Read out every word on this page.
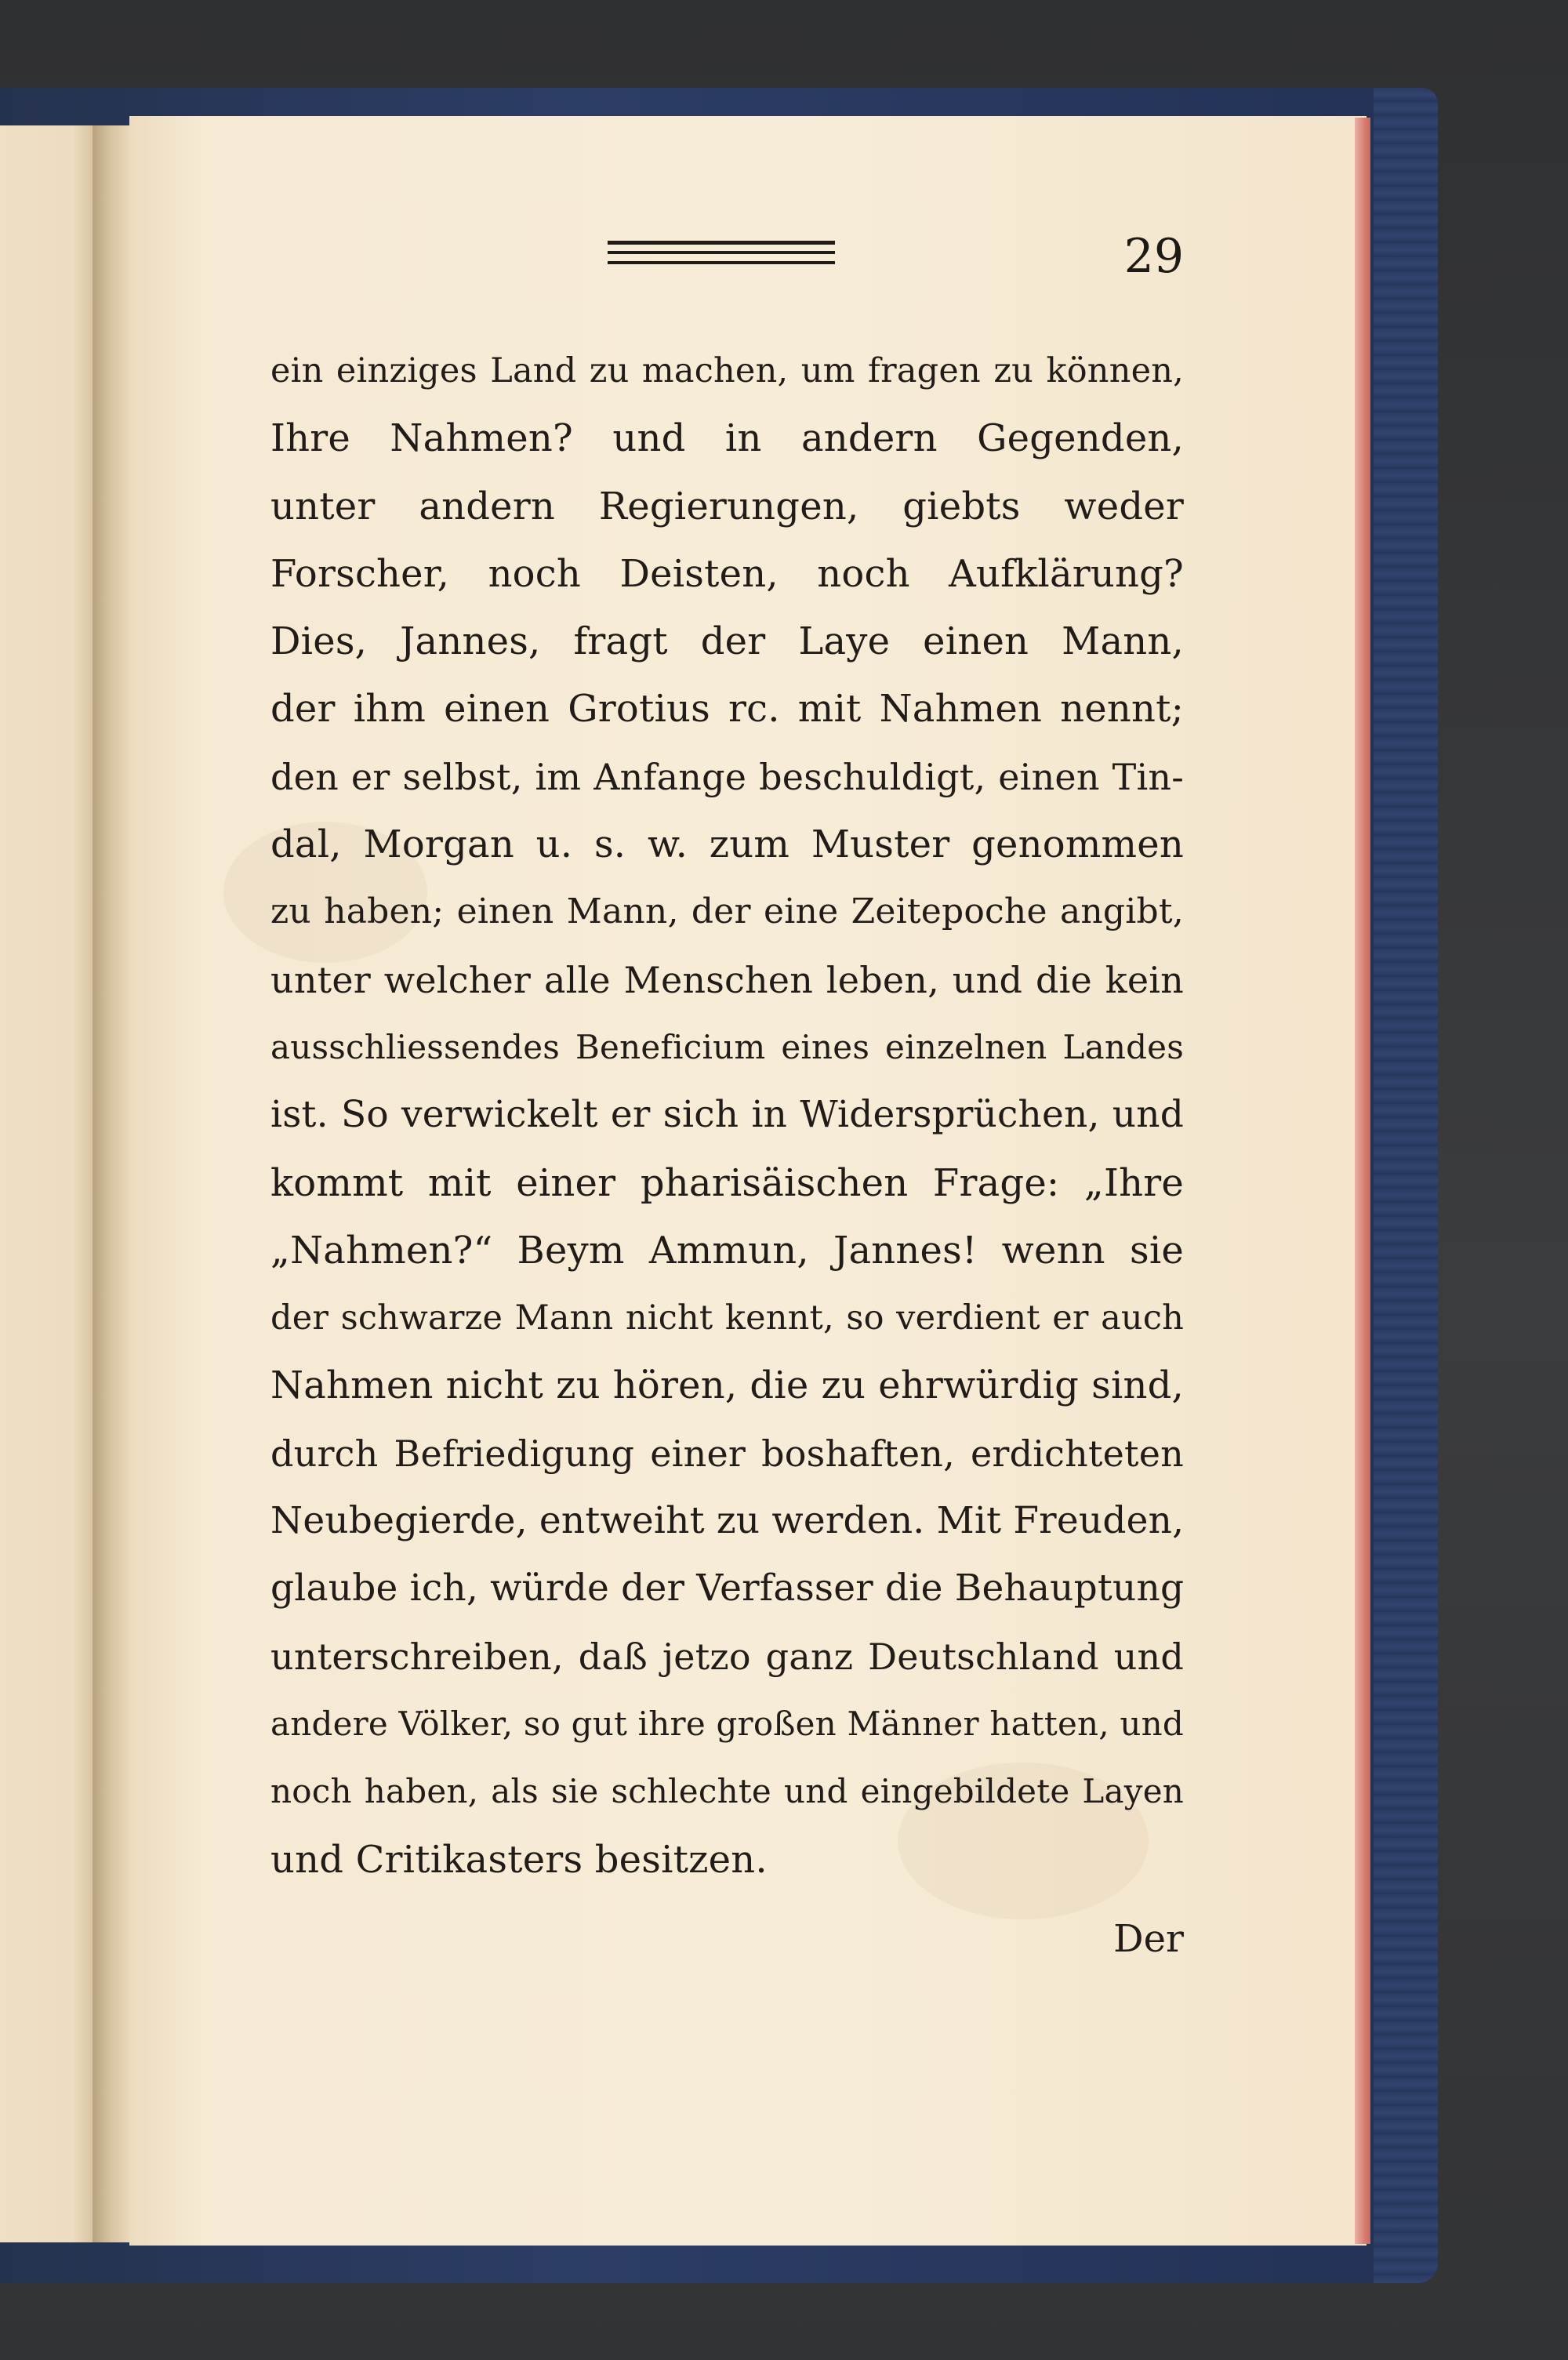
29
ein einziges Land zu machen, um fragen zu können,
Ihre Nahmen? und in andern Gegenden,
unter andern Regierungen, giebts weder
Forscher, noch Deisten, noch Aufklärung?
Dies, Jannes, fragt der Laye einen Mann,
der ihm einen Grotius rc. mit Nahmen nennt;
den er selbst, im Anfange beschuldigt, einen Tin-
dal, Morgan u. s. w. zum Muster genommen
zu haben; einen Mann, der eine Zeitepoche angibt,
unter welcher alle Menschen leben, und die kein
ausschliessendes Beneficium eines einzelnen Landes
ist. So verwickelt er sich in Widersprüchen, und
kommt mit einer pharisäischen Frage: „Ihre
„Nahmen?“ Beym Ammun, Jannes! wenn sie
der schwarze Mann nicht kennt, so verdient er auch
Nahmen nicht zu hören, die zu ehrwürdig sind,
durch Befriedigung einer boshaften, erdichteten
Neubegierde, entweiht zu werden. Mit Freuden,
glaube ich, würde der Verfasser die Behauptung
unterschreiben, daß jetzo ganz Deutschland und
andere Völker, so gut ihre großen Männer hatten, und
noch haben, als sie schlechte und eingebildete Layen
und Critikasters besitzen.
Der
